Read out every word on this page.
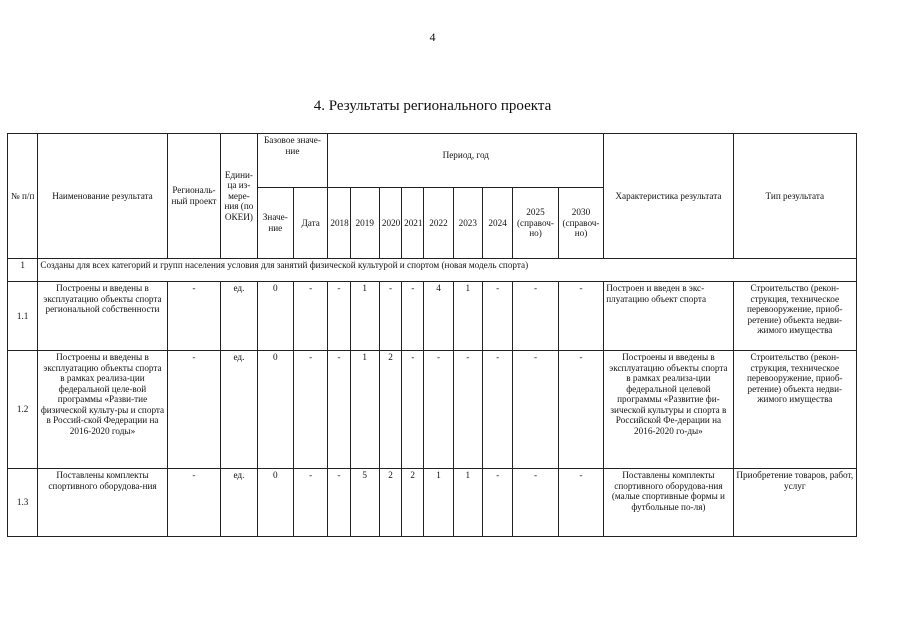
4
4. Результаты регионального проекта
№ п/п	Наименование результата	Региональ-ный проект	Едини-ца из-мере-ния (по ОКЕИ)	Базовое значе-ние		Период, год									Характеристика результата	Тип результата
				Значе-ние	Дата	2018	2019	2020	2021	2022	2023	2024	2025 (справоч-но)	2030 (справоч-но)		
1	Созданы для всех категорий и групп населения условия для занятий физической культурой и спортом (новая модель спорта)															
1.1	Построены и введены в эксплуатацию объекты спорта региональной собственности	-	ед.	0	-	-	1	-	-	4	1	-	-	-	Построен и введен в экс-плуатацию объект спорта	Строительство (рекон-струкция, техническое перевооружение, приоб-ретение) объекта недви-жимого имущества
1.2	Построены и введены в эксплуатацию объекты спорта в рамках реализа-ции федеральной целе-вой программы «Разви-тие физической культу-ры и спорта в Россий-ской Федерации на 2016-2020 годы»	-	ед.	0	-	-	1	2	-	-	-	-	-	-	Построены и введены в эксплуатацию объекты спорта в рамках реализа-ции федеральной целевой программы «Развитие фи-зической культуры и спорта в Российской Фе-дерации на 2016-2020 го-ды»	Строительство (рекон-струкция, техническое перевооружение, приоб-ретение) объекта недви-жимого имущества
1.3	Поставлены комплекты спортивного оборудова-ния	-	ед.	0	-	-	5	2	2	1	1	-	-	-	Поставлены комплекты спортивного оборудова-ния (малые спортивные формы и футбольные по-ля)	Приобретение товаров, работ, услуг
